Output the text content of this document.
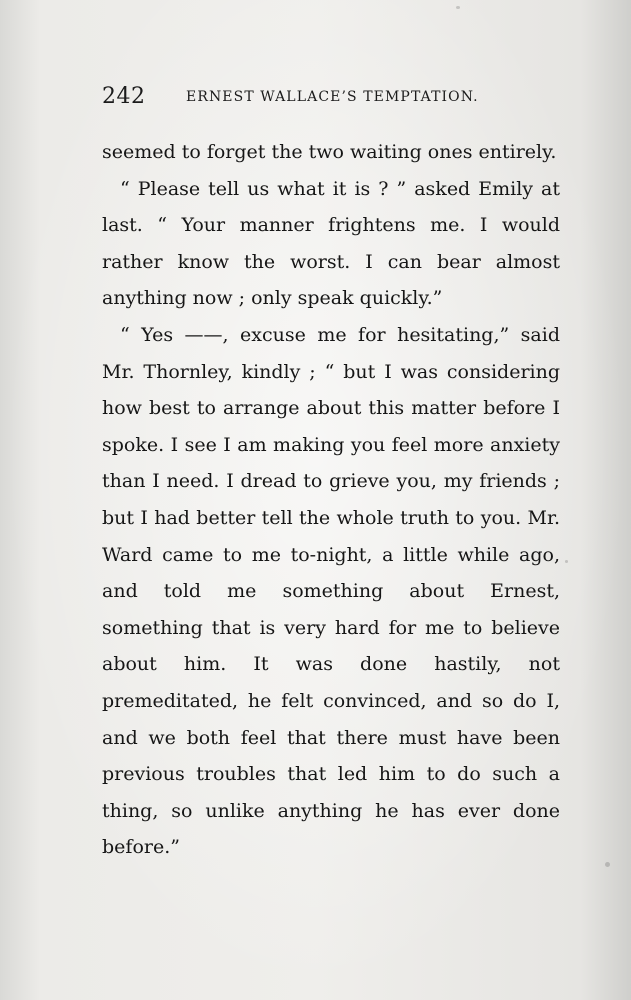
242	ERNEST WALLACE’S TEMPTATION.

seemed to forget the two waiting ones entirely.

“ Please tell us what it is ? ” asked Emily at last. “ Your manner frightens me. I would rather know the worst. I can bear almost anything now ; only speak quickly.”

“ Yes ——, excuse me for hesitating,” said Mr. Thornley, kindly ; “ but I was considering how best to arrange about this matter before I spoke. I see I am making you feel more anxiety than I need. I dread to grieve you, my friends ; but I had better tell the whole truth to you. Mr. Ward came to me to-night, a little while ago, and told me something about Ernest, something that is very hard for me to believe about him. It was done hastily, not premeditated, he felt convinced, and so do I, and we both feel that there must have been previous troubles that led him to do such a thing, so unlike anything he has ever done before.”
